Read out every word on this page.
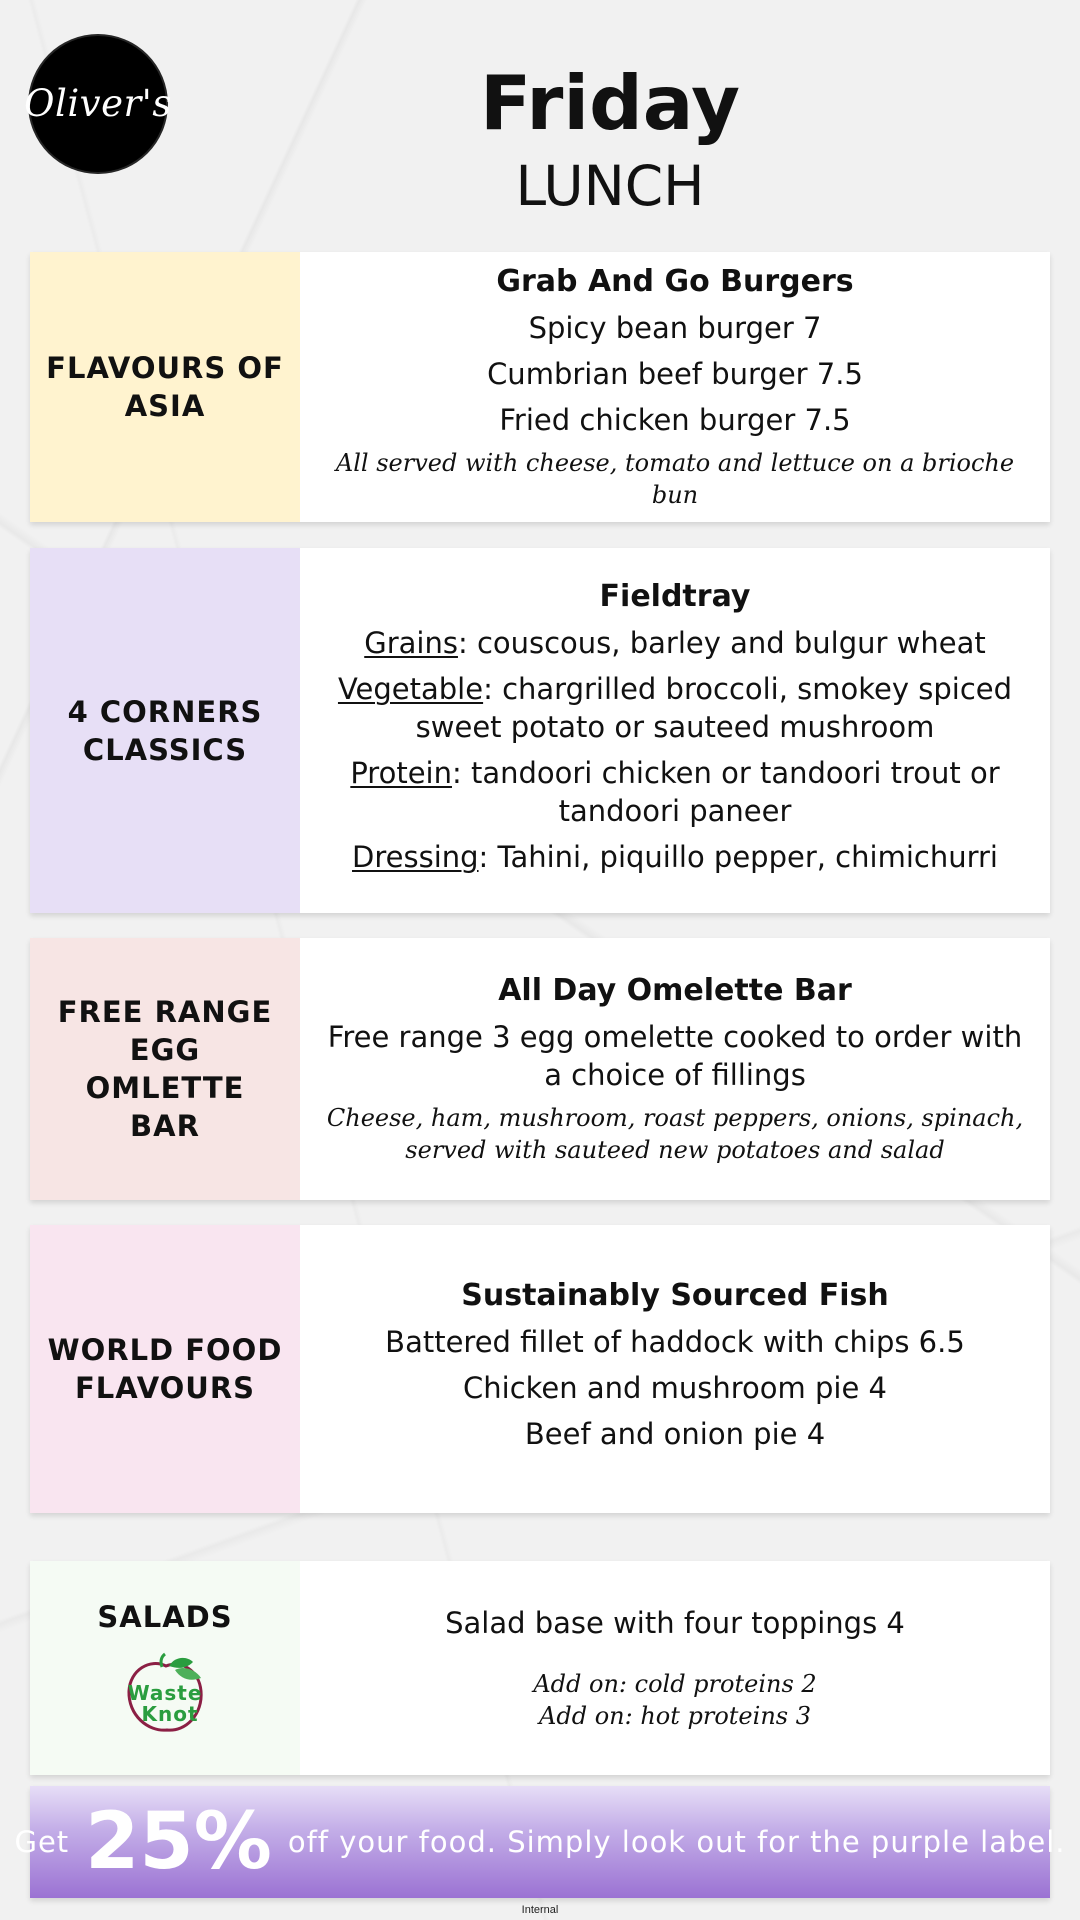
Oliver's	Friday
LUNCH
FLAVOURS OF ASIA
Grab And Go Burgers
Spicy bean burger 7
Cumbrian beef burger 7.5
Fried chicken burger 7.5
All served with cheese, tomato and lettuce on a brioche bun
4 CORNERS CLASSICS
Fieldtray
Grains: couscous, barley and bulgur wheat
Vegetable: chargrilled broccoli, smokey spiced sweet potato or sauteed mushroom
Protein: tandoori chicken or tandoori trout or tandoori paneer
Dressing: Tahini, piquillo pepper, chimichurri
FREE RANGE EGG OMLETTE BAR
All Day Omelette Bar
Free range 3 egg omelette cooked to order with a choice of fillings
Cheese, ham, mushroom, roast peppers, onions, spinach, served with sauteed new potatoes and salad
WORLD FOOD FLAVOURS
Sustainably Sourced Fish
Battered fillet of haddock with chips 6.5
Chicken and mushroom pie 4
Beef and onion pie 4
SALADS
Waste
Knot
Salad base with four toppings 4
Add on: cold proteins 2
Add on: hot proteins 3
Get 25% off your food. Simply look out for the purple label.
Internal
